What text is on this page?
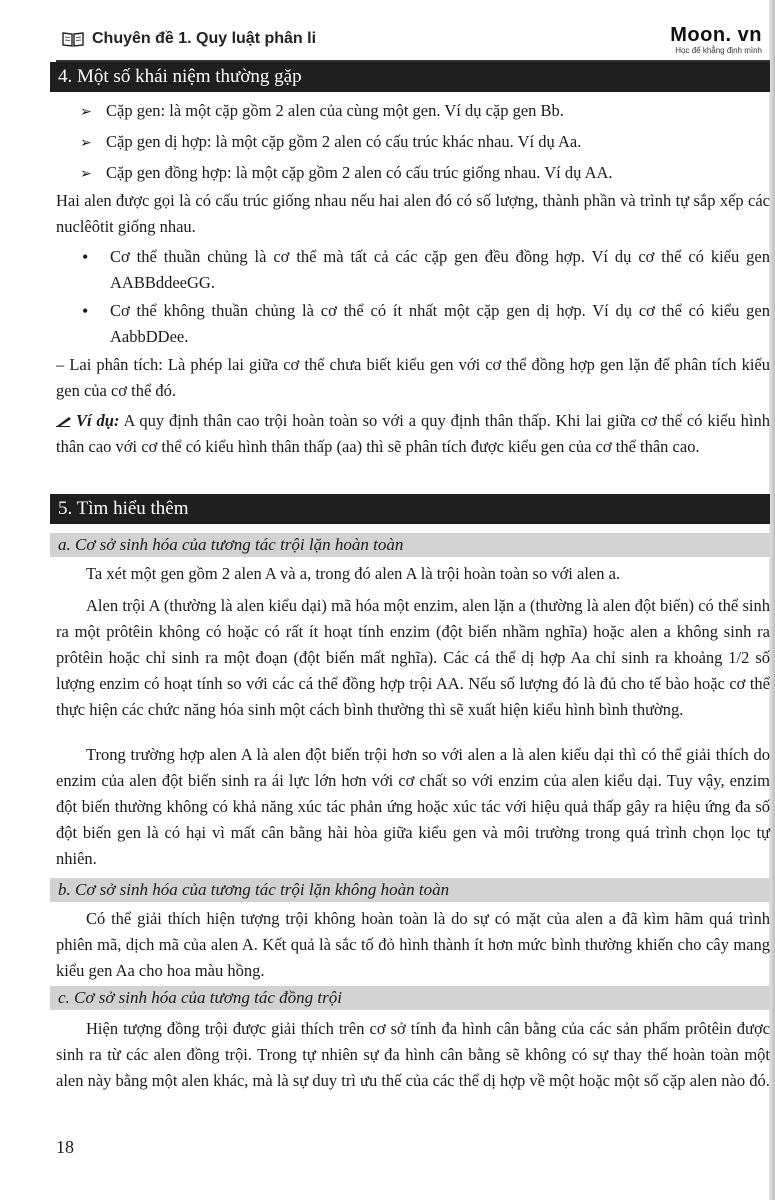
Chuyên đề 1. Quy luật phân li	Moon. vn
Học để khẳng định mình
4. Một số khái niệm thường gặp
➢ Cặp gen: là một cặp gồm 2 alen của cùng một gen. Ví dụ cặp gen Bb.
➢ Cặp gen dị hợp: là một cặp gồm 2 alen có cấu trúc khác nhau. Ví dụ Aa.
➢ Cặp gen đồng hợp: là một cặp gồm 2 alen có cấu trúc giống nhau. Ví dụ AA.
Hai alen được gọi là có cấu trúc giống nhau nếu hai alen đó có số lượng, thành phần và trình tự sắp xếp các nuclêôtit giống nhau.
•	Cơ thể thuần chủng là cơ thể mà tất cả các cặp gen đều đồng hợp. Ví dụ cơ thể có kiểu gen AABBddeeGG.
•	Cơ thể không thuần chủng là cơ thể có ít nhất một cặp gen dị hợp. Ví dụ cơ thể có kiểu gen AabbDDee.
– Lai phân tích: Là phép lai giữa cơ thể chưa biết kiểu gen với cơ thể đồng hợp gen lặn để phân tích kiểu gen của cơ thể đó.
Ví dụ: A quy định thân cao trội hoàn toàn so với a quy định thân thấp. Khi lai giữa cơ thể có kiểu hình thân cao với cơ thể có kiểu hình thân thấp (aa) thì sẽ phân tích được kiểu gen của cơ thể thân cao.
5. Tìm hiểu thêm
a. Cơ sở sinh hóa của tương tác trội lặn hoàn toàn
Ta xét một gen gồm 2 alen A và a, trong đó alen A là trội hoàn toàn so với alen a.
Alen trội A (thường là alen kiểu dại) mã hóa một enzim, alen lặn a (thường là alen đột biến) có thể sinh ra một prôtêin không có hoặc có rất ít hoạt tính enzim (đột biến nhầm nghĩa) hoặc alen a không sinh ra prôtêin hoặc chỉ sinh ra một đoạn (đột biến mất nghĩa). Các cá thể dị hợp Aa chỉ sinh ra khoảng 1/2 số lượng enzim có hoạt tính so với các cá thể đồng hợp trội AA. Nếu số lượng đó là đủ cho tế bào hoặc cơ thể thực hiện các chức năng hóa sinh một cách bình thường thì sẽ xuất hiện kiểu hình bình thường.
Trong trường hợp alen A là alen đột biến trội hơn so với alen a là alen kiểu dại thì có thể giải thích do enzim của alen đột biến sinh ra ái lực lớn hơn với cơ chất so với enzim của alen kiểu dại. Tuy vậy, enzim đột biến thường không có khả năng xúc tác phản ứng hoặc xúc tác với hiệu quả thấp gây ra hiệu ứng đa số đột biến gen là có hại vì mất cân bằng hài hòa giữa kiểu gen và môi trường trong quá trình chọn lọc tự nhiên.
b. Cơ sở sinh hóa của tương tác trội lặn không hoàn toàn
Có thể giải thích hiện tượng trội không hoàn toàn là do sự có mặt của alen a đã kìm hãm quá trình phiên mã, dịch mã của alen A. Kết quả là sắc tố đỏ hình thành ít hơn mức bình thường khiến cho cây mang kiểu gen Aa cho hoa màu hồng.
c. Cơ sở sinh hóa của tương tác đồng trội
Hiện tượng đồng trội được giải thích trên cơ sở tính đa hình cân bằng của các sản phẩm prôtêin được sinh ra từ các alen đồng trội. Trong tự nhiên sự đa hình cân bằng sẽ không có sự thay thế hoàn toàn một alen này bằng một alen khác, mà là sự duy trì ưu thế của các thể dị hợp về một hoặc một số cặp alen nào đó.
18
